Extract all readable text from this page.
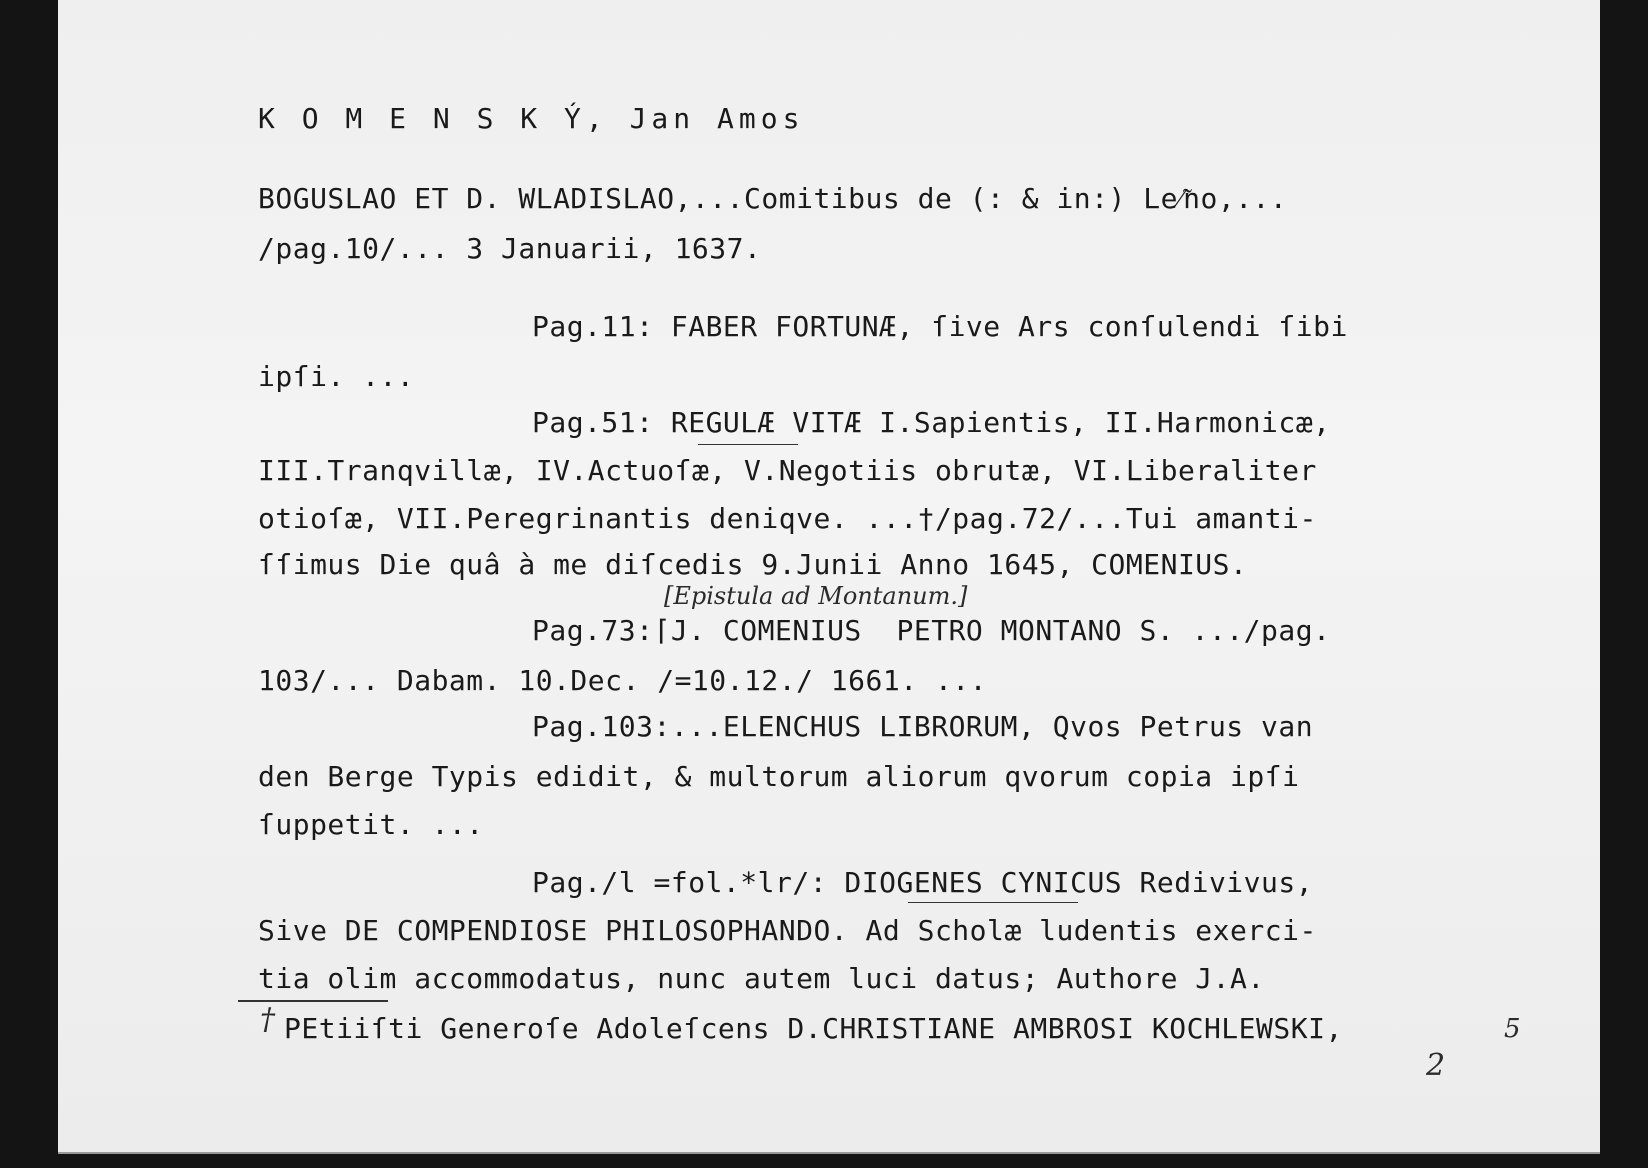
K O M E N S K Ý, Jan Amos
BOGUSLAO ET D. WLADISLAO,...Comitibus de (: & in:) Le⁄̃no,...
/pag.10/... 3 Januarii, 1637.
Pag.11: FABER FORTUNÆ, ſive Ars conſulendi ſibi
ipſi. ...
Pag.51: REGULÆ VITÆ I.Sapientis, II.Harmonicæ,
III.Tranqvillæ, IV.Actuoſæ, V.Negotiis obrutæ, VI.Liberaliter
otioſæ, VII.Peregrinantis deniqve. ...†/pag.72/...Tui amanti-
ſſimus Die quâ à me diſcedis 9.Junii Anno 1645, COMENIUS.
[Epistula ad Montanum.]
Pag.73:⌈J. COMENIUS  PETRO MONTANO S. .../pag.
103/... Dabam. 10.Dec. /=10.12./ 1661. ...
Pag.103:...ELENCHUS LIBRORUM, Qvos Petrus van
den Berge Typis edidit, & multorum aliorum qvorum copia ipſi
ſuppetit. ...
Pag./l =fol.*lr/: DIOGENES CYNICUS Redivivus,
Sive DE COMPENDIOSE PHILOSOPHANDO. Ad Scholæ ludentis exerci-
tia olim accommodatus, nunc autem luci datus; Authore J.A.
† PEtiiſti Generoſe Adoleſcens D.CHRISTIANE AMBROSI KOCHLEWSKI,
2
5
